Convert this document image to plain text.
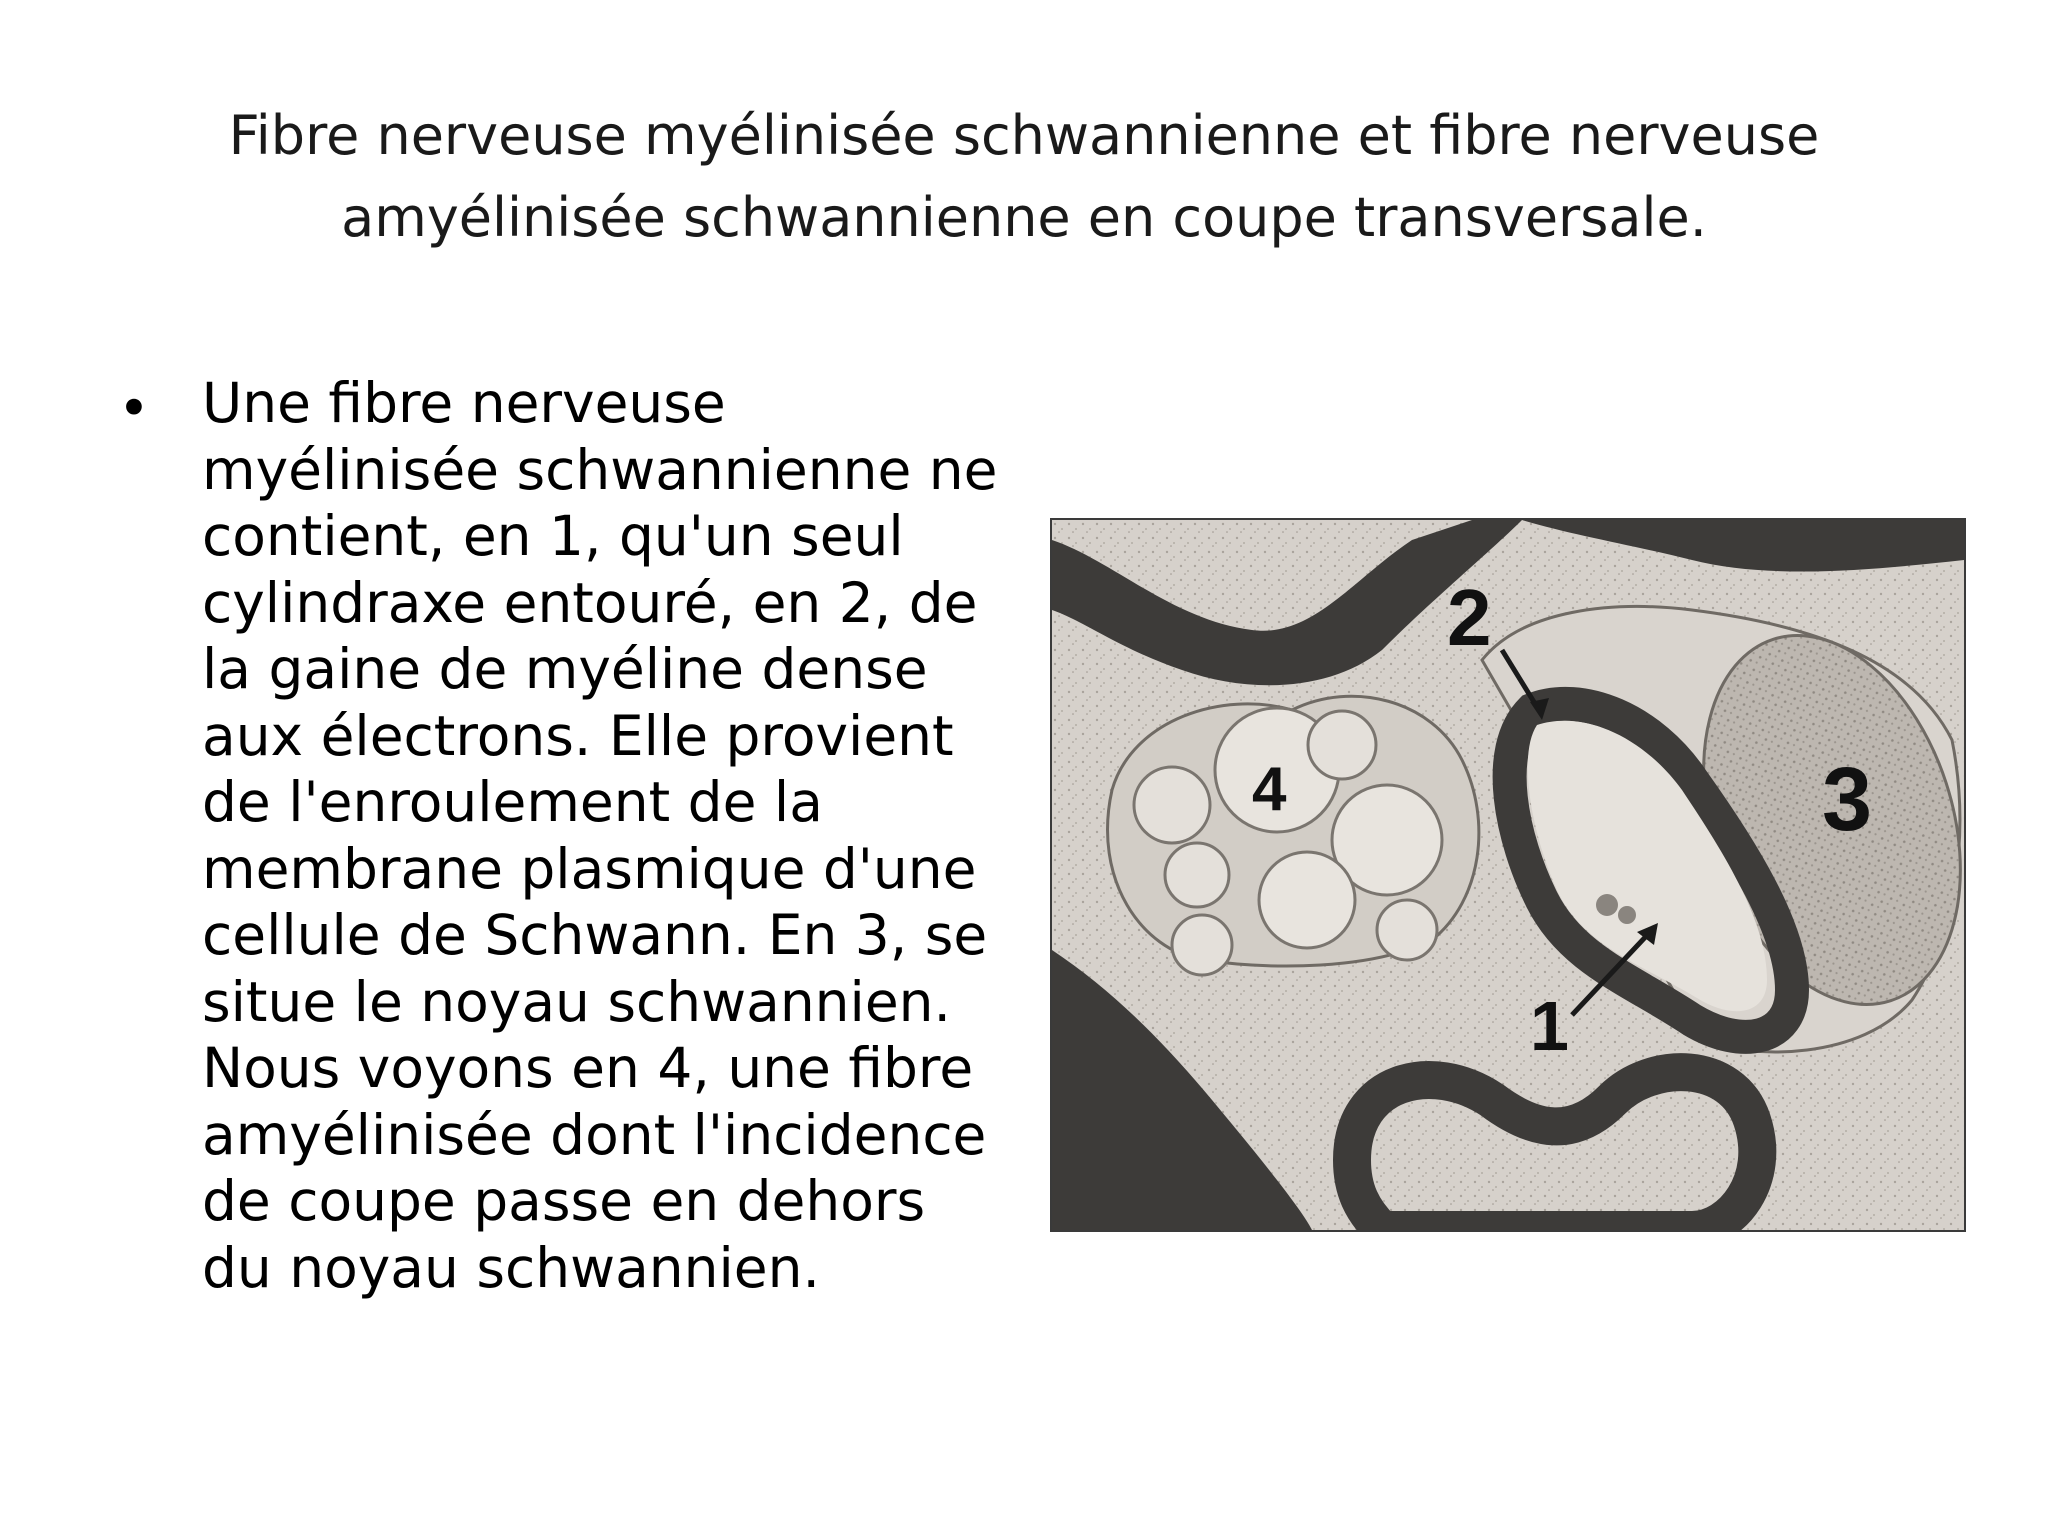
Fibre nerveuse myélinisée schwannienne et fibre nerveuse amyélinisée schwannienne en coupe transversale.
• Une fibre nerveuse myélinisée schwannienne ne contient, en 1, qu'un seul cylindraxe entouré, en 2, de la gaine de myéline dense aux électrons. Elle provient de l'enroulement de la membrane plasmique d'une cellule de Schwann. En 3, se situe le noyau schwannien. Nous voyons en 4, une fibre amyélinisée dont l'incidence de coupe passe en dehors du noyau schwannien.

2
1
3
4
